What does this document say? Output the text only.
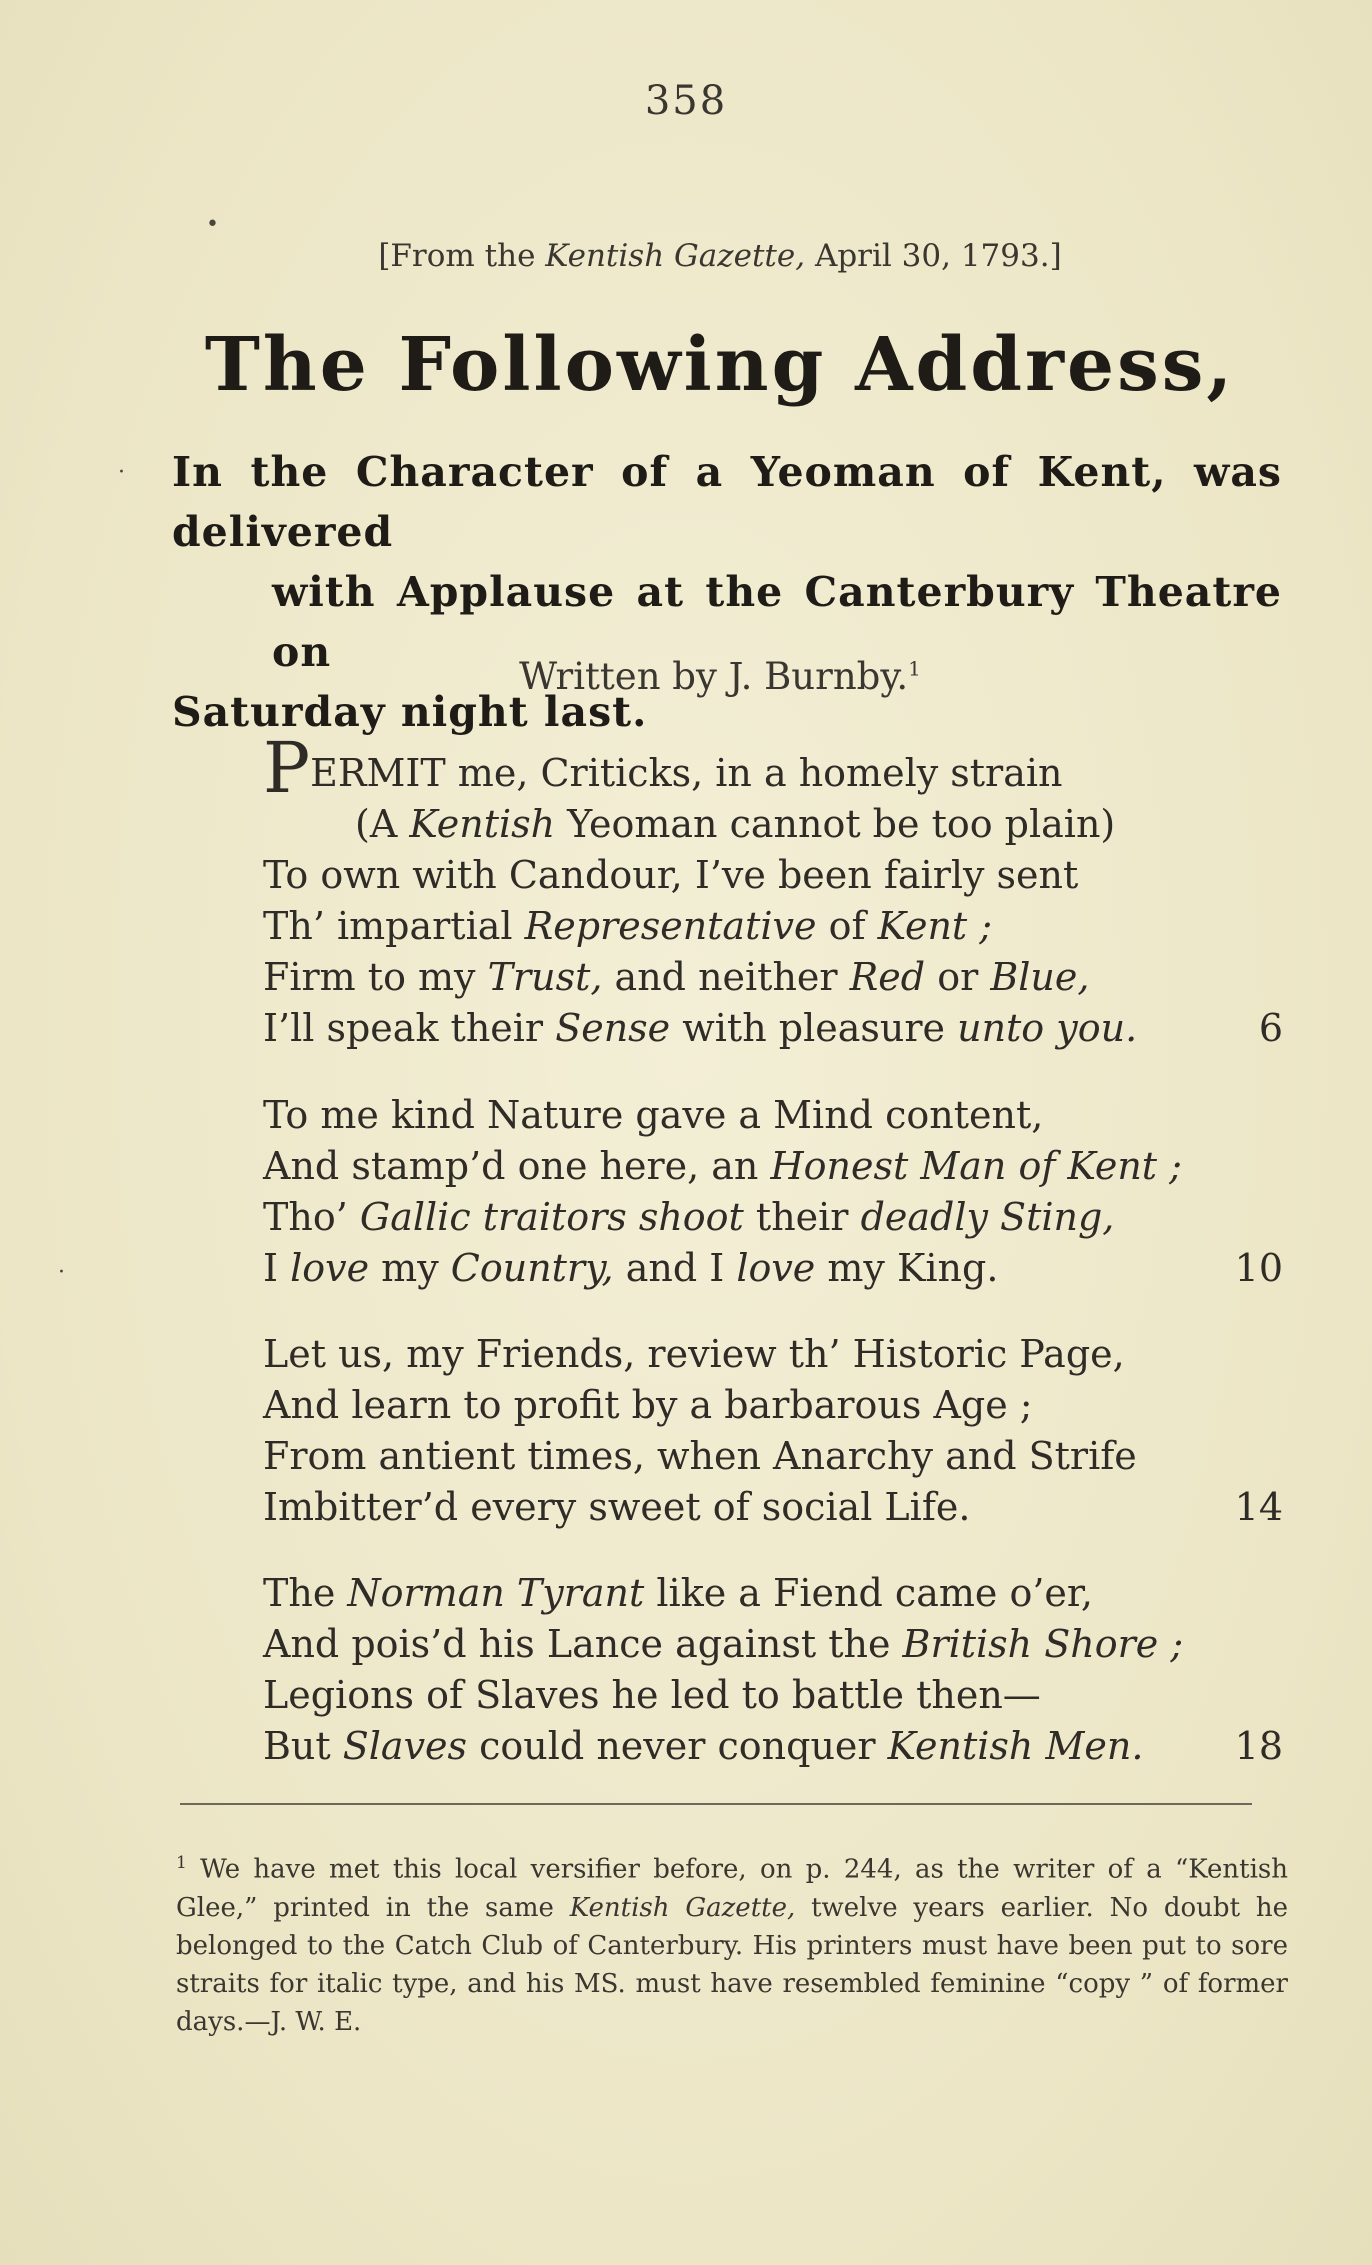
•
·
·
358
[From the Kentish Gazette, April 30, 1793.]
The Following Address,
In the Character of a Yeoman of Kent, was delivered
with Applause at the Canterbury Theatre on
Saturday night last.
Written by J. Burnby.$^1$
PERMIT me, Criticks, in a homely strain
(A Kentish Yeoman cannot be too plain)
To own with Candour, I’ve been fairly sent
Th’ impartial Representative of Kent ;
Firm to my Trust, and neither Red or Blue,
I’ll speak their Sense with pleasure unto you.	6
To me kind Nature gave a Mind content,
And stamp’d one here, an Honest Man of Kent ;
Tho’ Gallic traitors shoot their deadly Sting,
I love my Country, and I love my King.	10
Let us, my Friends, review th’ Historic Page,
And learn to profit by a barbarous Age ;
From antient times, when Anarchy and Strife
Imbitter’d every sweet of social Life.	14
The Norman Tyrant like a Fiend came o’er,
And pois’d his Lance against the British Shore ;
Legions of Slaves he led to battle then—
But Slaves could never conquer Kentish Men. 18
$^1$ We have met this local versifier before, on p. 244, as the writer of a “Kentish Glee,” printed in the same Kentish Gazette, twelve years earlier. No doubt he belonged to the Catch Club of Canterbury. His printers must have been put to sore straits for italic type, and his MS. must have resembled feminine “copy ” of former days.—J. W. E.
